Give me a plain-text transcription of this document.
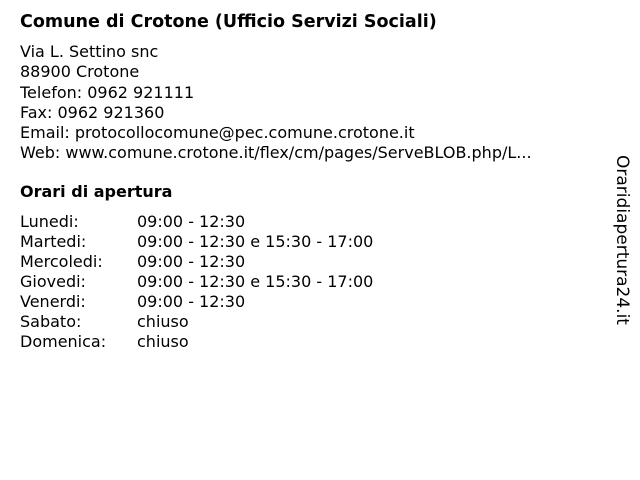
Comune di Crotone (Ufficio Servizi Sociali)
Via L. Settino snc
88900 Crotone
Telefon: 0962 921111
Fax: 0962 921360
Email: protocollocomune@pec.comune.crotone.it
Web: www.comune.crotone.it/flex/cm/pages/ServeBLOB.php/L...
Orari di apertura
Lunedi:	09:00 - 12:30
Martedi:	09:00 - 12:30 e 15:30 - 17:00
Mercoledi:	09:00 - 12:30
Giovedi:	09:00 - 12:30 e 15:30 - 17:00
Venerdi:	09:00 - 12:30
Sabato:	chiuso
Domenica:	chiuso
Oraridiapertura24.it
